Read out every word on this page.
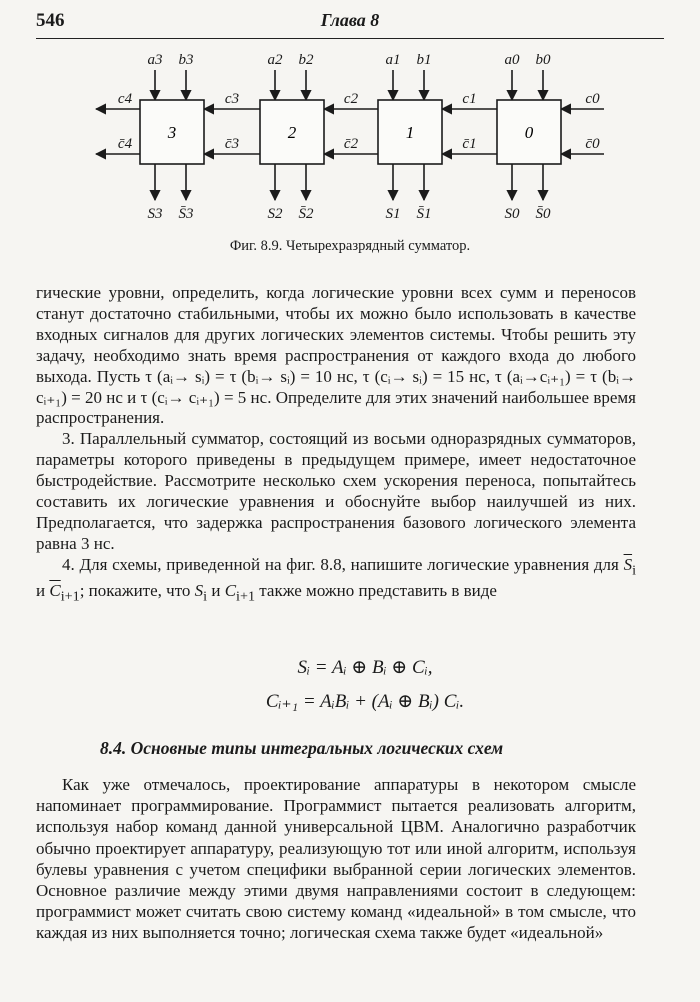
546	Глава 8
3	2	1	0
a3 b3
S3 S̄3
a2 b2
S2 S̄2
a1 b1
S1 S̄1
a0 b0
S0 S̄0
c4
c̄4
c3
c̄3
c2
c̄2
c1
c̄1
c0
c̄0
Фиг. 8.9. Четырехразрядный сумматор.

гические уровни, определить, когда логические уровни всех сумм и переносов станут достаточно стабильными, чтобы их можно было использовать в качестве входных сигналов для других логических элементов системы. Чтобы решить эту задачу, необходимо знать время распространения от каждого входа до любого выхода. Пусть τ (aᵢ→ sᵢ) = τ (bᵢ→ sᵢ) = 10 нс, τ (cᵢ→ sᵢ) = 15 нс, τ (aᵢ→cᵢ₊₁) = τ (bᵢ→ cᵢ₊₁) = 20 нс и τ (cᵢ→ cᵢ₊₁) = 5 нс. Определите для этих значений наибольшее время распространения.

3. Параллельный сумматор, состоящий из восьми одноразрядных сумматоров, параметры которого приведены в предыдущем примере, имеет недостаточное быстродействие. Рассмотрите несколько схем ускорения переноса, попытайтесь составить их логические уравнения и обоснуйте выбор наилучшей из них. Предполагается, что задержка распространения базового логического элемента равна 3 нс.

4. Для схемы, приведенной на фиг. 8.8, напишите логические уравнения для $\overline{S}_i$ и $\overline{C}_{i+1}$; покажите, что $S_i$ и $C_{i+1}$ также можно представить в виде

Sᵢ = Aᵢ ⊕ Bᵢ ⊕ Cᵢ,
Cᵢ₊₁ = AᵢBᵢ + (Aᵢ ⊕ Bᵢ) Cᵢ.
8.4. Основные типы интегральных логических схем

Как уже отмечалось, проектирование аппаратуры в некотором смысле напоминает программирование. Программист пытается реализовать алгоритм, используя набор команд данной универсальной ЦВМ. Аналогично разработчик обычно проектирует аппаратуру, реализующую тот или иной алгоритм, используя булевы уравнения с учетом специфики выбранной серии логических элементов. Основное различие между этими двумя направлениями состоит в следующем: программист может считать свою систему команд «идеальной» в том смысле, что каждая из них выполняется точно; логическая схема также будет «идеальной»
